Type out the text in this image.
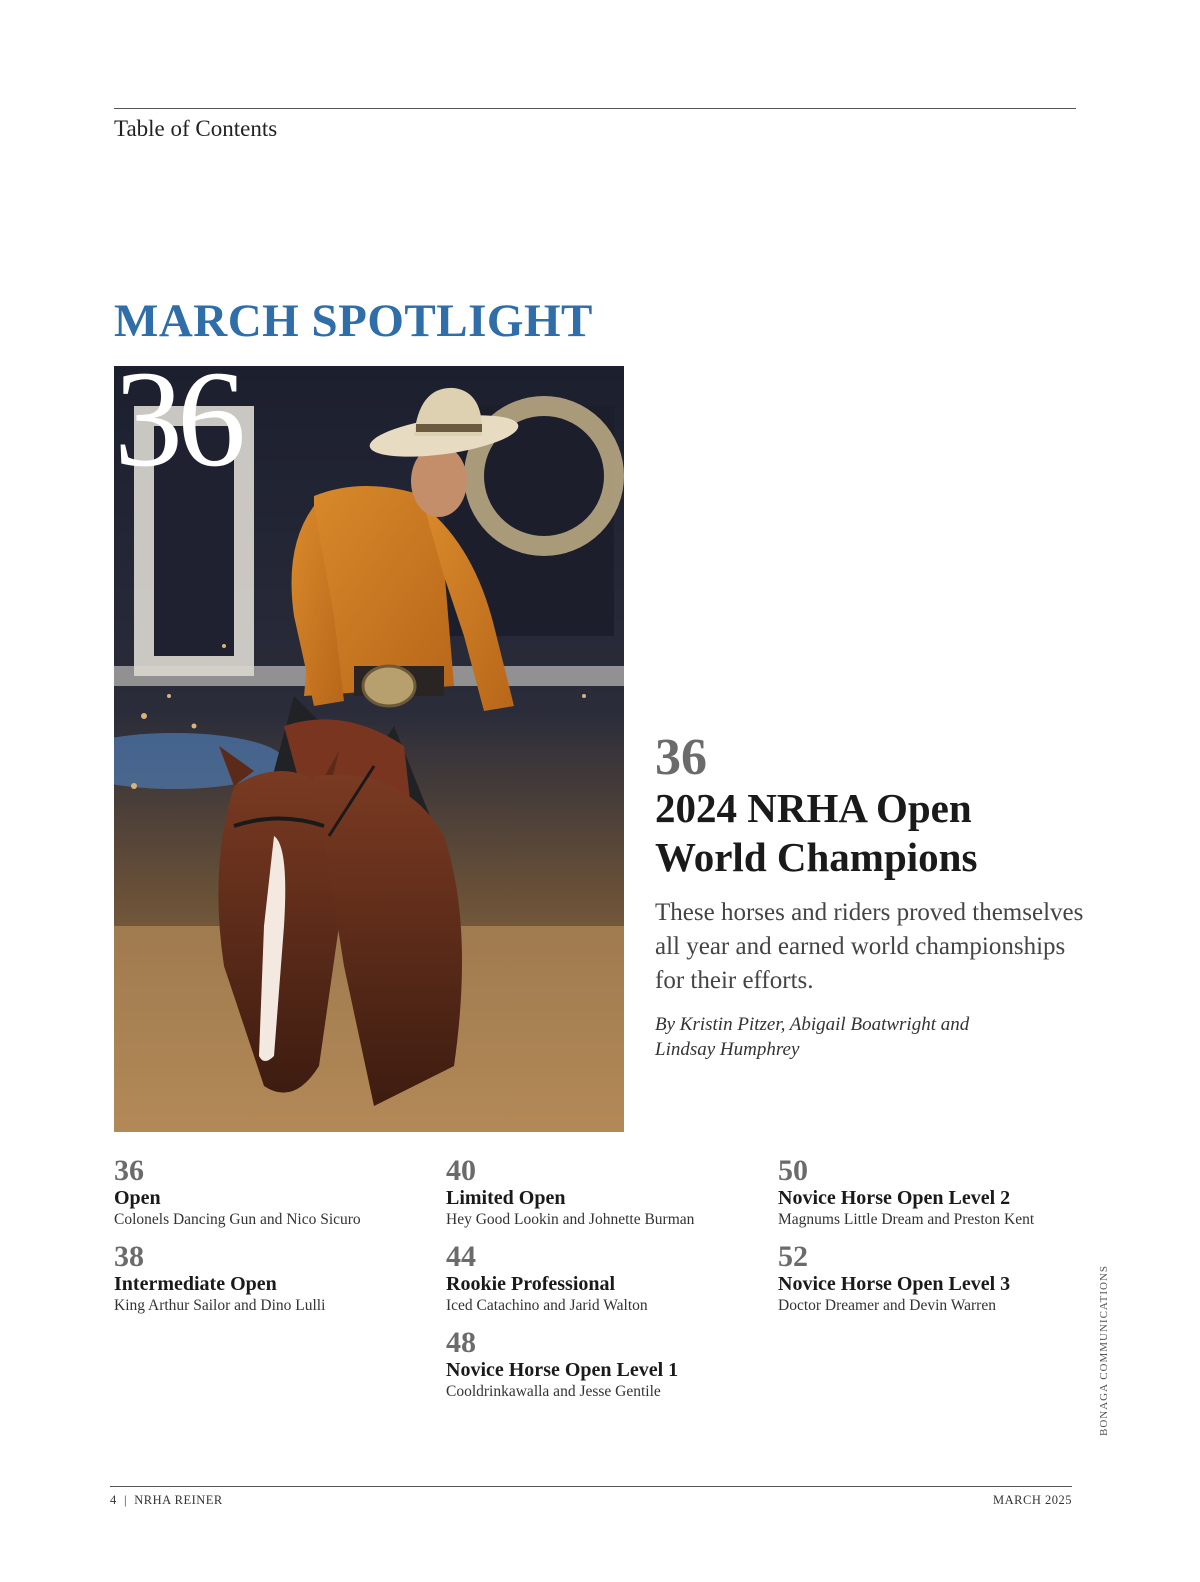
Table of Contents
MARCH SPOTLIGHT
36
36
2024 NRHA Open World Champions
These horses and riders proved themselves all year and earned world championships for their efforts.
By Kristin Pitzer, Abigail Boatwright and Lindsay Humphrey
36
Open
Colonels Dancing Gun and Nico Sicuro
38
Intermediate Open
King Arthur Sailor and Dino Lulli
40
Limited Open
Hey Good Lookin and Johnette Burman
44
Rookie Professional
Iced Catachino and Jarid Walton
48
Novice Horse Open Level 1
Cooldrinkawalla and Jesse Gentile
50
Novice Horse Open Level 2
Magnums Little Dream and Preston Kent
52
Novice Horse Open Level 3
Doctor Dreamer and Devin Warren	BONAGA COMMUNICATIONS
4  |  NRHA REINER	MARCH 2025
